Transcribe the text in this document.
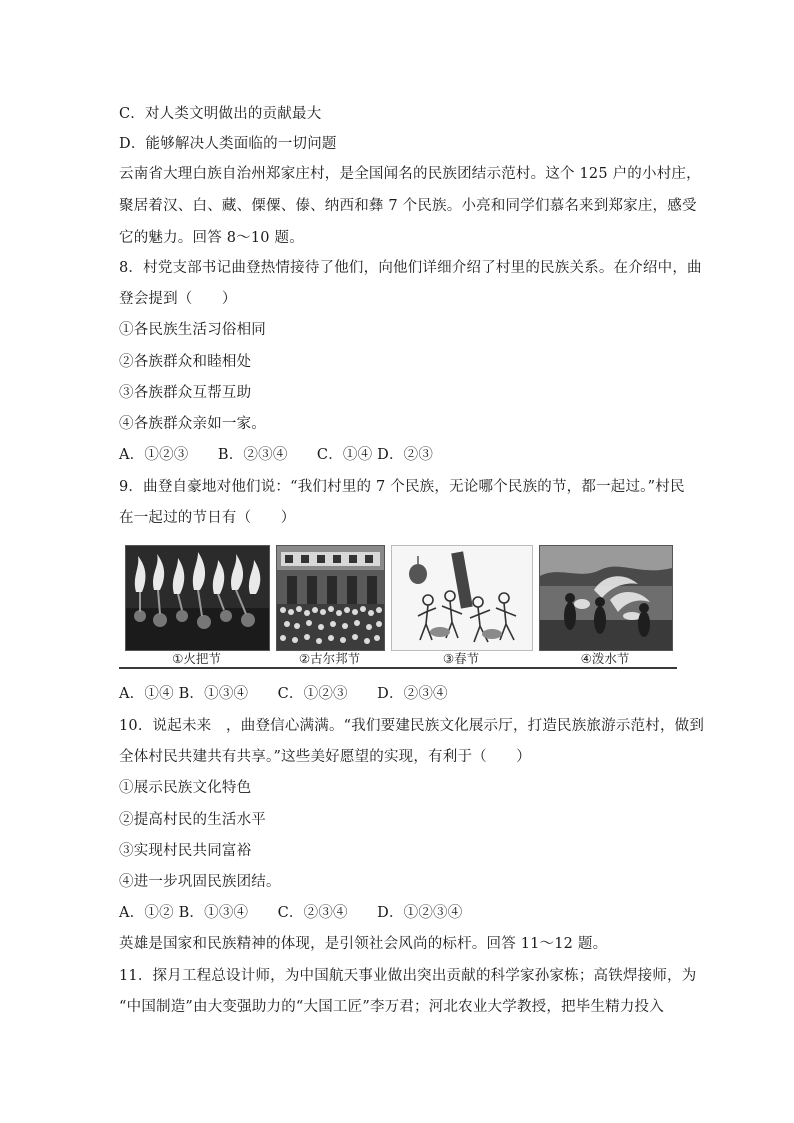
C．对人类文明做出的贡献最大
D．能够解决人类面临的一切问题
云南省大理白族自治州郑家庄村，是全国闻名的民族团结示范村。这个 125 户的小村庄，
聚居着汉、白、藏、傈僳、傣、纳西和彝 7 个民族。小亮和同学们慕名来到郑家庄，感受
它的魅力。回答 8～10 题。
8．村党支部书记曲登热情接待了他们，向他们详细介绍了村里的民族关系。在介绍中，曲
登会提到（　　）
①各民族生活习俗相同
②各族群众和睦相处
③各族群众互帮互助
④各族群众亲如一家。
A．①②③　　B．②③④　　C．①④ D．②③
9．曲登自豪地对他们说：“我们村里的 7 个民族，无论哪个民族的节，都一起过。”村民
在一起过的节日有（　　）
①火把节	②古尔邦节	③春节	④泼水节
A．①④ B．①③④　　C．①②③　　D．②③④
10．说起未来　，曲登信心满满。“我们要建民族文化展示厅，打造民族旅游示范村，做到
全体村民共建共有共享。”这些美好愿望的实现，有利于（　　）
①展示民族文化特色
②提高村民的生活水平
③实现村民共同富裕
④进一步巩固民族团结。
A．①② B．①③④　　C．②③④　　D．①②③④
英雄是国家和民族精神的体现，是引领社会风尚的标杆。回答 11～12 题。
11．探月工程总设计师，为中国航天事业做出突出贡献的科学家孙家栋；高铁焊接师，为
“中国制造”由大变强助力的“大国工匠”李万君；河北农业大学教授，把毕生精力投入
